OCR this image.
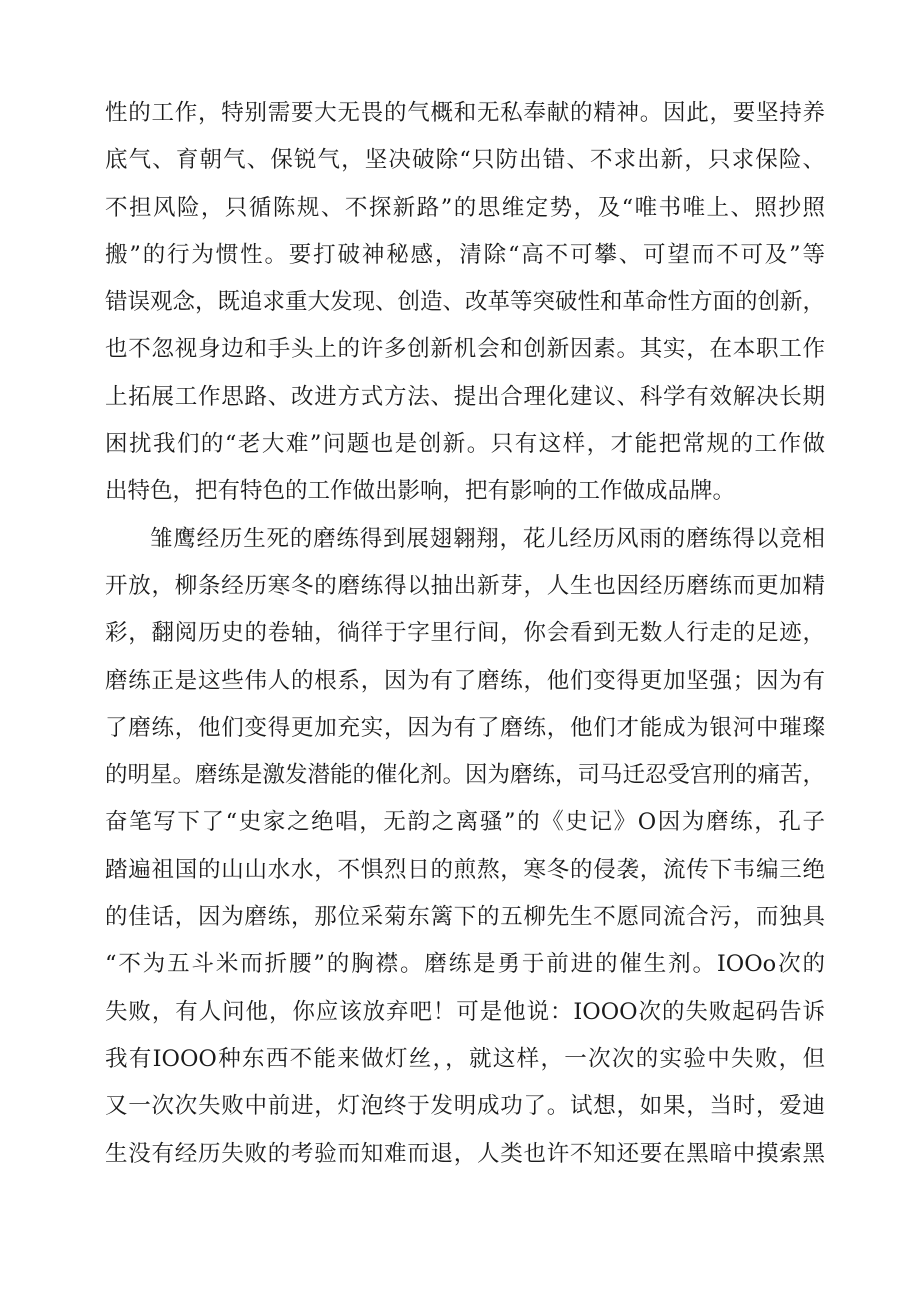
性的工作，特别需要大无畏的气概和无私奉献的精神。因此，要坚持养
底气、育朝气、保锐气，坚决破除“只防出错、不求出新，只求保险、
不担风险，只循陈规、不探新路”的思维定势，及“唯书唯上、照抄照
搬”的行为惯性。要打破神秘感，清除“高不可攀、可望而不可及”等
错误观念，既追求重大发现、创造、改革等突破性和革命性方面的创新，
也不忽视身边和手头上的许多创新机会和创新因素。其实，在本职工作
上拓展工作思路、改进方式方法、提出合理化建议、科学有效解决长期
困扰我们的“老大难”问题也是创新。只有这样，才能把常规的工作做
出特色，把有特色的工作做出影响，把有影响的工作做成品牌。
雏鹰经历生死的磨练得到展翅翱翔，花儿经历风雨的磨练得以竞相
开放，柳条经历寒冬的磨练得以抽出新芽，人生也因经历磨练而更加精
彩，翻阅历史的卷轴，徜徉于字里行间，你会看到无数人行走的足迹，
磨练正是这些伟人的根系，因为有了磨练，他们变得更加坚强；因为有
了磨练，他们变得更加充实，因为有了磨练，他们才能成为银河中璀璨
的明星。磨练是激发潜能的催化剂。因为磨练，司马迁忍受宫刑的痛苦，
奋笔写下了“史家之绝唱，无韵之离骚”的《史记》O因为磨练，孔子
踏遍祖国的山山水水，不惧烈日的煎熬，寒冬的侵袭，流传下韦编三绝
的佳话，因为磨练，那位采菊东篱下的五柳先生不愿同流合污，而独具
“不为五斗米而折腰”的胸襟。磨练是勇于前进的催生剂。IOOo次的
失败，有人问他，你应该放弃吧！可是他说：IOOO次的失败起码告诉
我有IOOO种东西不能来做灯丝，，就这样，一次次的实验中失败，但
又一次次失败中前进，灯泡终于发明成功了。试想，如果，当时，爱迪
生没有经历失败的考验而知难而退，人类也许不知还要在黑暗中摸索黑
